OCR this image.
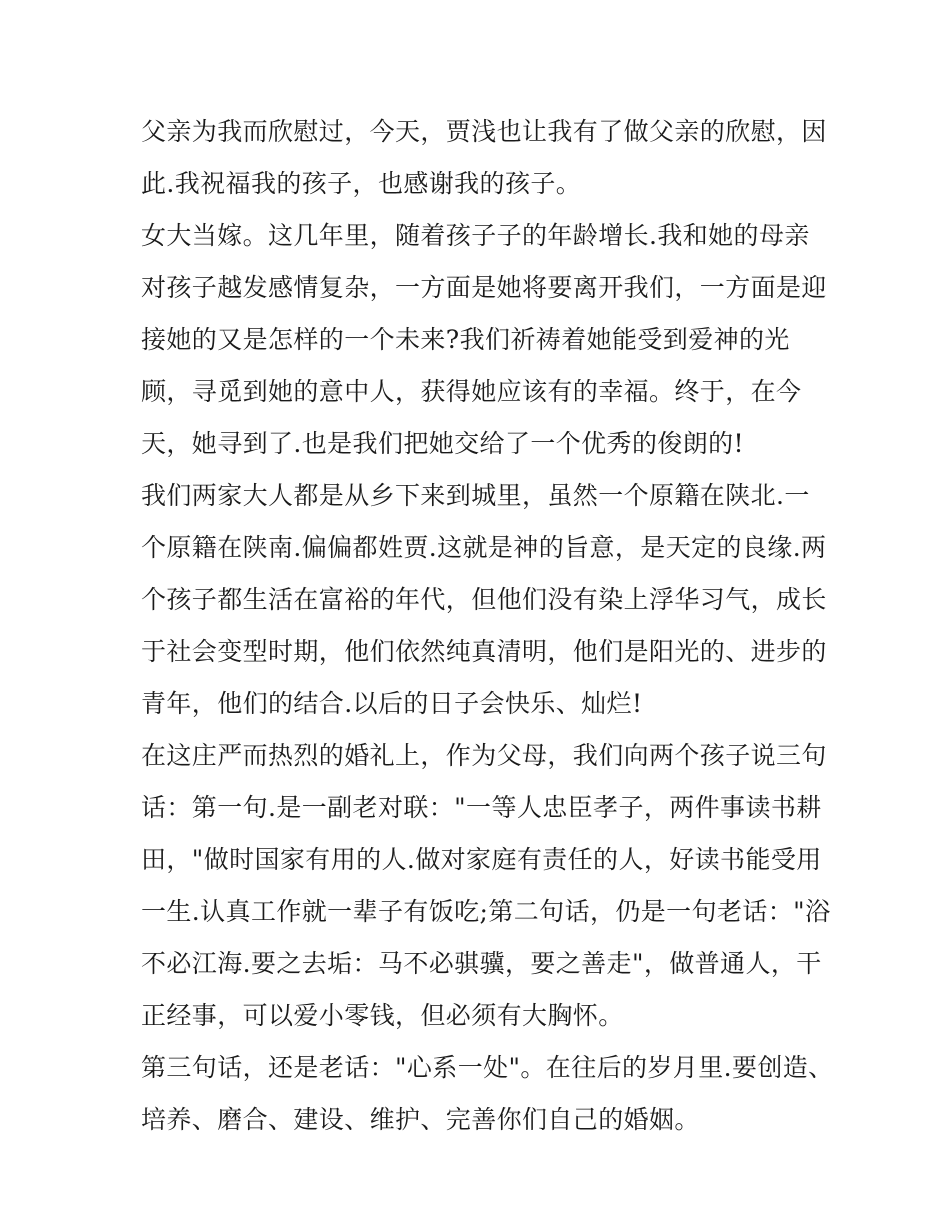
父亲为我而欣慰过，今天，贾浅也让我有了做父亲的欣慰，因
此.我祝福我的孩子，也感谢我的孩子。
女大当嫁。这几年里，随着孩子子的年龄增长.我和她的母亲
对孩子越发感情复杂，一方面是她将要离开我们，一方面是迎
接她的又是怎样的一个未来?我们祈祷着她能受到爱神的光
顾，寻觅到她的意中人，获得她应该有的幸福。终于，在今
天，她寻到了.也是我们把她交给了一个优秀的俊朗的!
我们两家大人都是从乡下来到城里，虽然一个原籍在陕北.一
个原籍在陕南.偏偏都姓贾.这就是神的旨意，是天定的良缘.两
个孩子都生活在富裕的年代，但他们没有染上浮华习气，成长
于社会变型时期，他们依然纯真清明，他们是阳光的、进步的
青年，他们的结合.以后的日子会快乐、灿烂!
在这庄严而热烈的婚礼上，作为父母，我们向两个孩子说三句
话：第一句.是一副老对联："一等人忠臣孝子，两件事读书耕
田，"做时国家有用的人.做对家庭有责任的人，好读书能受用
一生.认真工作就一辈子有饭吃;第二句话，仍是一句老话："浴
不必江海.要之去垢：马不必骐骥，要之善走"，做普通人，干
正经事，可以爱小零钱，但必须有大胸怀。
第三句话，还是老话："心系一处"。在往后的岁月里.要创造、
培养、磨合、建设、维护、完善你们自己的婚姻。
